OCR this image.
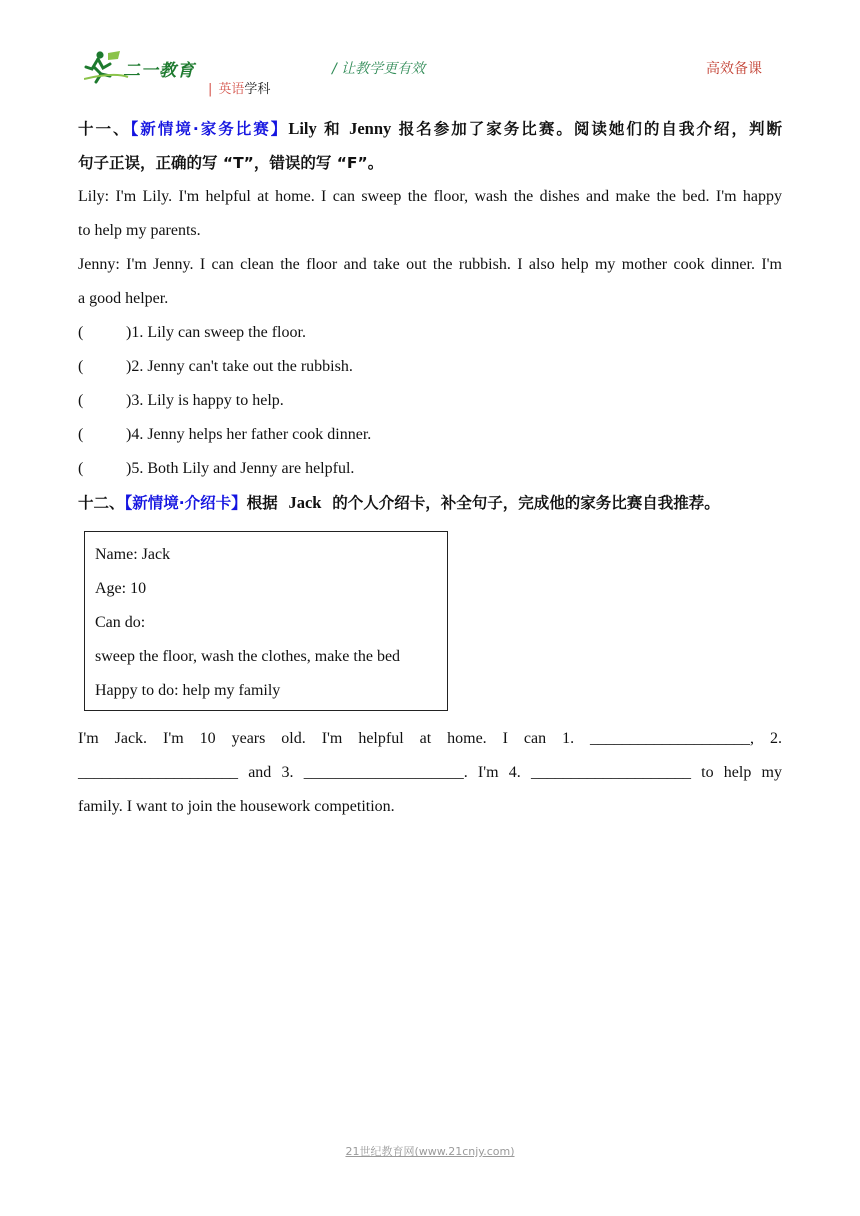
二一教育	/ 让教学更有效	高效备课
| 英语学科
十一、【新情境·家务比赛】Lily 和 Jenny 报名参加了家务比赛。阅读她们的自我介绍，判断
句子正误，正确的写 “T”，错误的写 “F”。
Lily: I'm Lily. I'm helpful at home. I can sweep the floor, wash the dishes and make the bed. I'm happy
to help my parents.
Jenny: I'm Jenny. I can clean the floor and take out the rubbish. I also help my mother cook dinner. I'm
a good helper.
(	)1. Lily can sweep the floor.
(	)2. Jenny can't take out the rubbish.
(	)3. Lily is happy to help.
(	)4. Jenny helps her father cook dinner.
(	)5. Both Lily and Jenny are helpful.
十二、【新情境·介绍卡】根据 Jack 的个人介绍卡，补全句子，完成他的家务比赛自我推荐。
Name: Jack
Age: 10
Can do:
sweep the floor, wash the clothes, make the bed
Happy to do: help my family
I'm Jack. I'm 10 years old. I'm helpful at home. I can 1. ____________________, 2.
____________________ and 3. ____________________. I'm 4. ____________________ to help my
family. I want to join the housework competition.
21世纪教育网(www.21cnjy.com)
